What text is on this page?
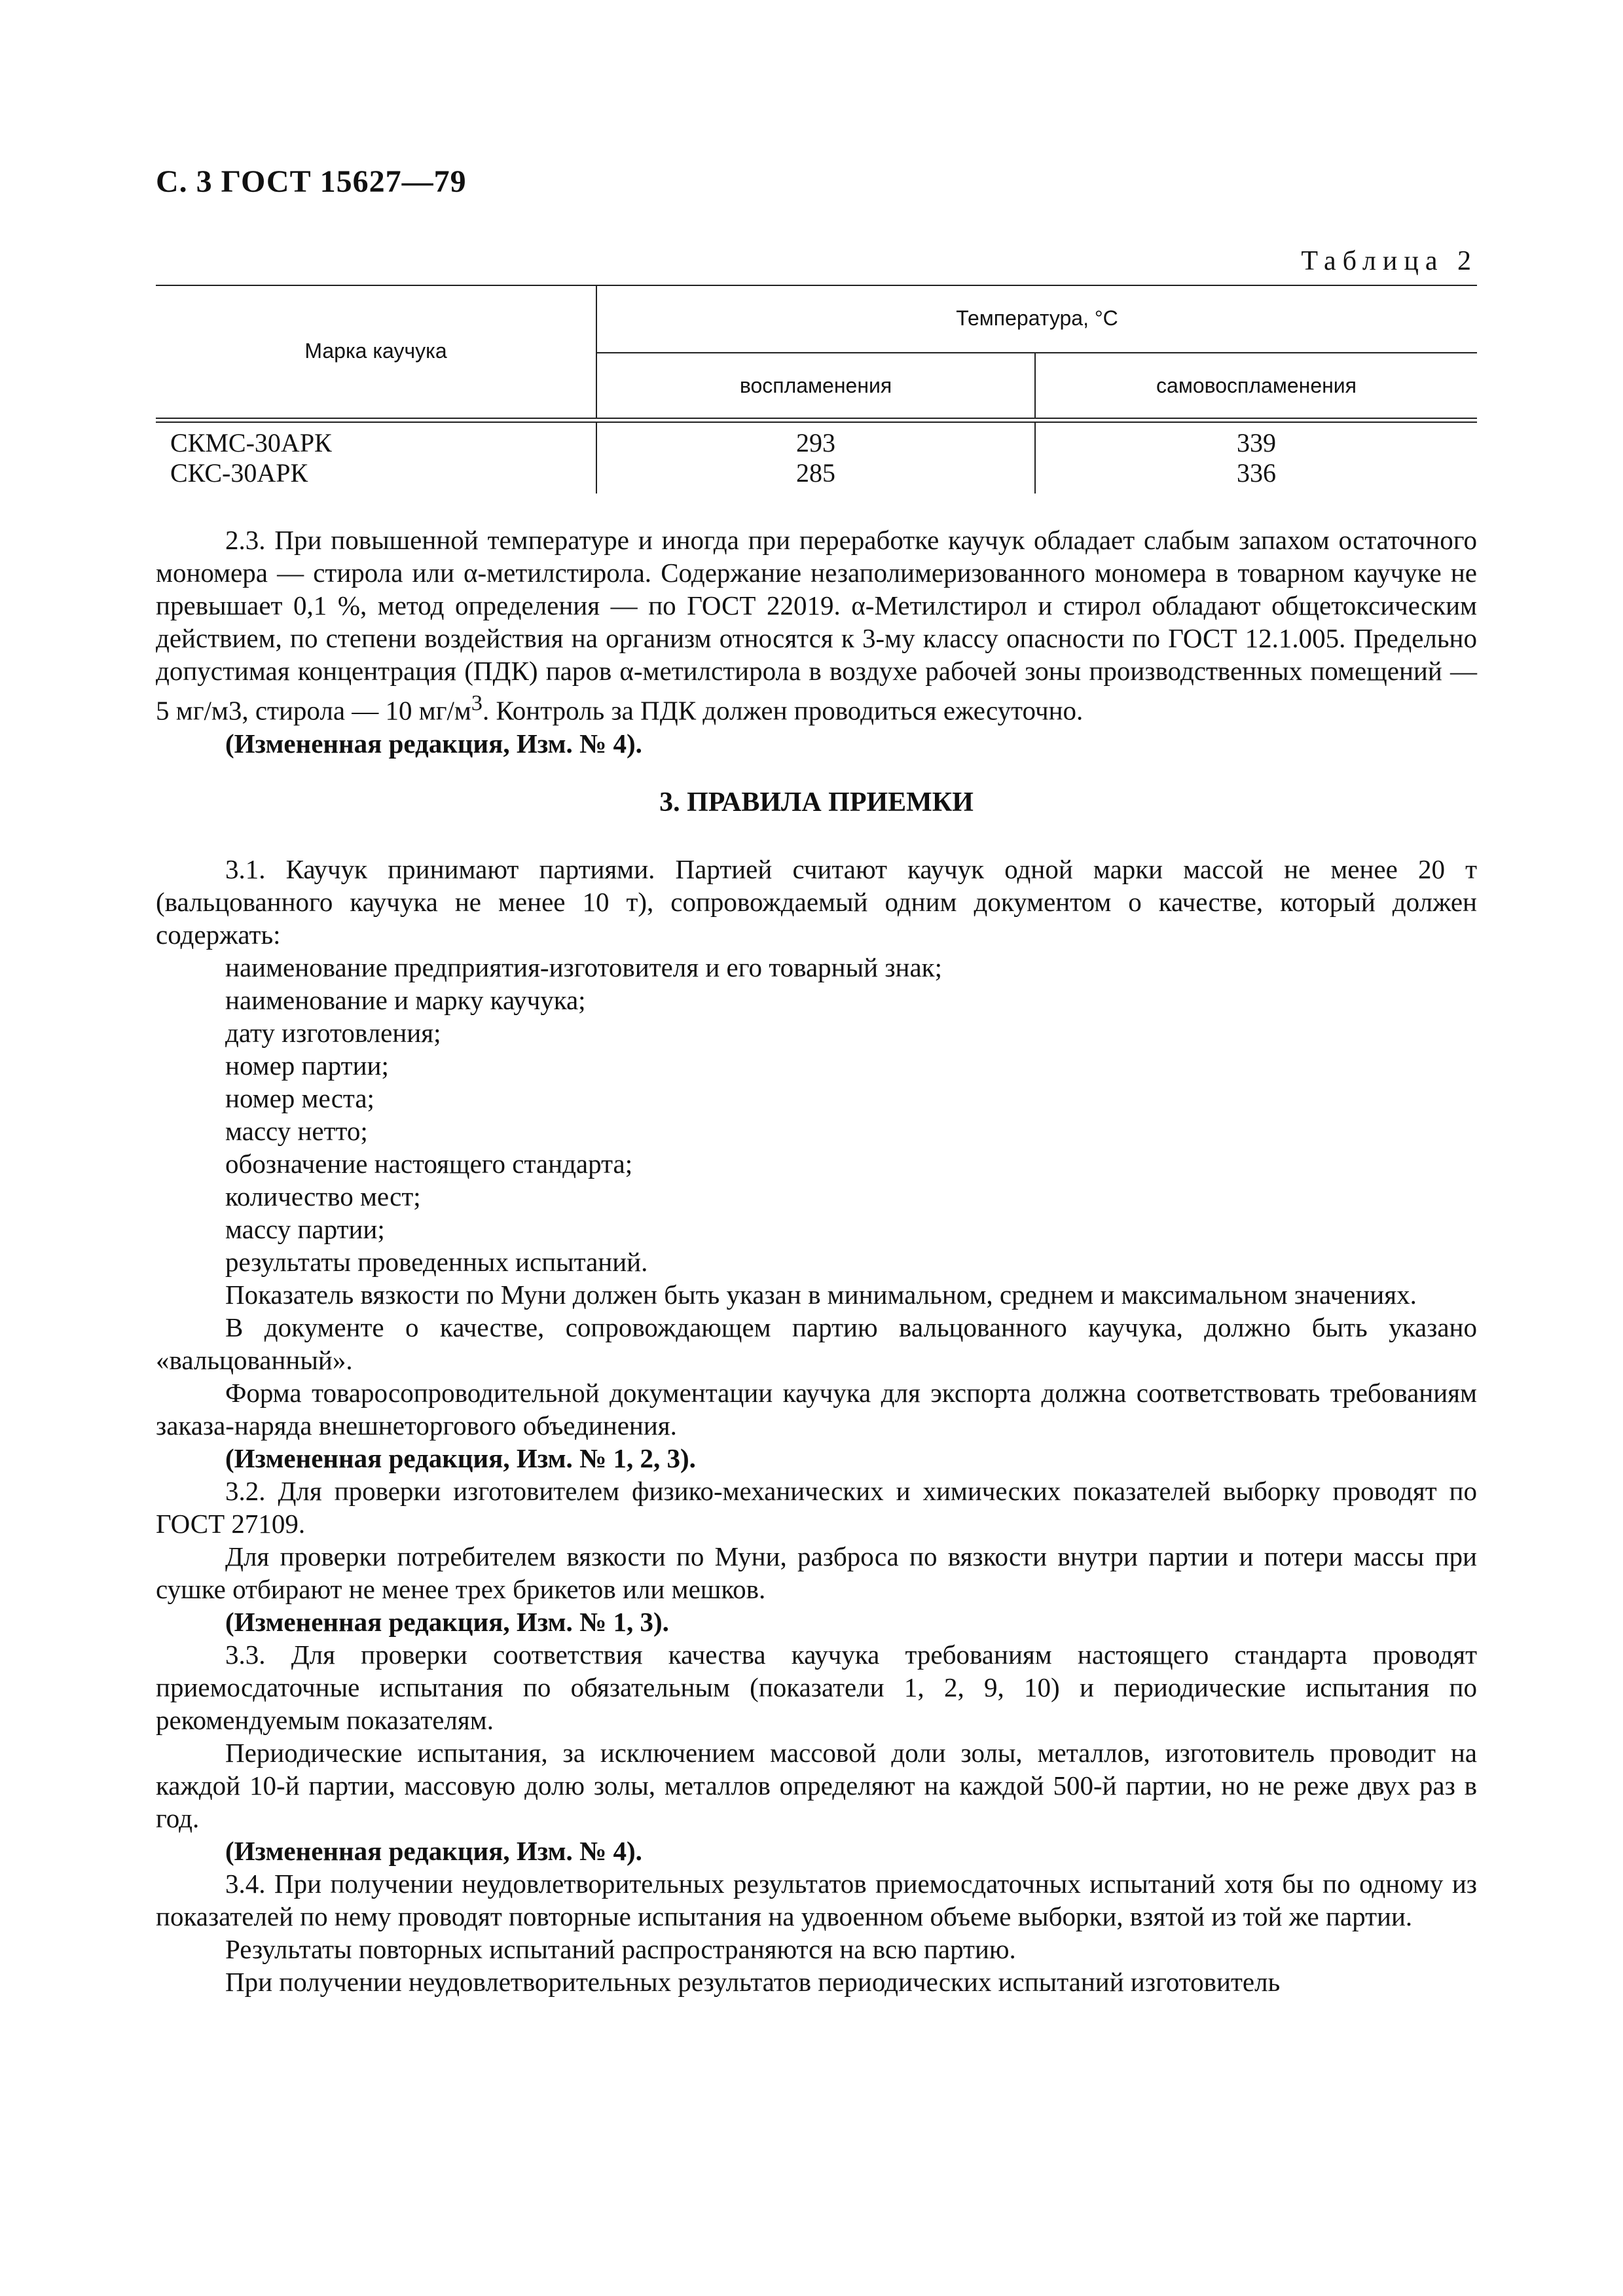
С. 3 ГОСТ 15627—79
Таблица 2
Марка каучука
Температура, °С
воспламенения	самовоспламенения
СКМС-30АРК	293	339
СКС-30АРК	285	336

2.3. При повышенной температуре и иногда при переработке каучук обладает слабым запахом остаточного мономера — стирола или α-метилстирола. Содержание незаполимеризованного мономера в товарном каучуке не превышает 0,1 %, метод определения — по ГОСТ 22019. α-Метилстирол и стирол обладают общетоксическим действием, по степени воздействия на организм относятся к 3-му классу опасности по ГОСТ 12.1.005. Предельно допустимая концентрация (ПДК) паров α-метилстирола в воздухе рабочей зоны производственных помещений — 5 мг/м3, стирола — 10 $мг/м^3$. Контроль за ПДК должен проводиться ежесуточно.

(Измененная редакция, Изм. № 4).

3. ПРАВИЛА ПРИЕМКИ

3.1. Каучук принимают партиями. Партией считают каучук одной марки массой не менее 20 т (вальцованного каучука не менее 10 т), сопровождаемый одним документом о качестве, который должен содержать:

наименование предприятия-изготовителя и его товарный знак;

наименование и марку каучука;

дату изготовления;

номер партии;

номер места;

массу нетто;

обозначение настоящего стандарта;

количество мест;

массу партии;

результаты проведенных испытаний.

Показатель вязкости по Муни должен быть указан в минимальном, среднем и максимальном значениях.

В документе о качестве, сопровождающем партию вальцованного каучука, должно быть указано «вальцованный».

Форма товаросопроводительной документации каучука для экспорта должна соответствовать требованиям заказа-наряда внешнеторгового объединения.

(Измененная редакция, Изм. № 1, 2, 3).

3.2. Для проверки изготовителем физико-механических и химических показателей выборку проводят по ГОСТ 27109.

Для проверки потребителем вязкости по Муни, разброса по вязкости внутри партии и потери массы при сушке отбирают не менее трех брикетов или мешков.

(Измененная редакция, Изм. № 1, 3).

3.3. Для проверки соответствия качества каучука требованиям настоящего стандарта проводят приемосдаточные испытания по обязательным (показатели 1, 2, 9, 10) и периодические испытания по рекомендуемым показателям.

Периодические испытания, за исключением массовой доли золы, металлов, изготовитель проводит на каждой 10-й партии, массовую долю золы, металлов определяют на каждой 500-й партии, но не реже двух раз в год.

(Измененная редакция, Изм. № 4).

3.4. При получении неудовлетворительных результатов приемосдаточных испытаний хотя бы по одному из показателей по нему проводят повторные испытания на удвоенном объеме выборки, взятой из той же партии.

Результаты повторных испытаний распространяются на всю партию.

При получении неудовлетворительных результатов периодических испытаний изготовитель
